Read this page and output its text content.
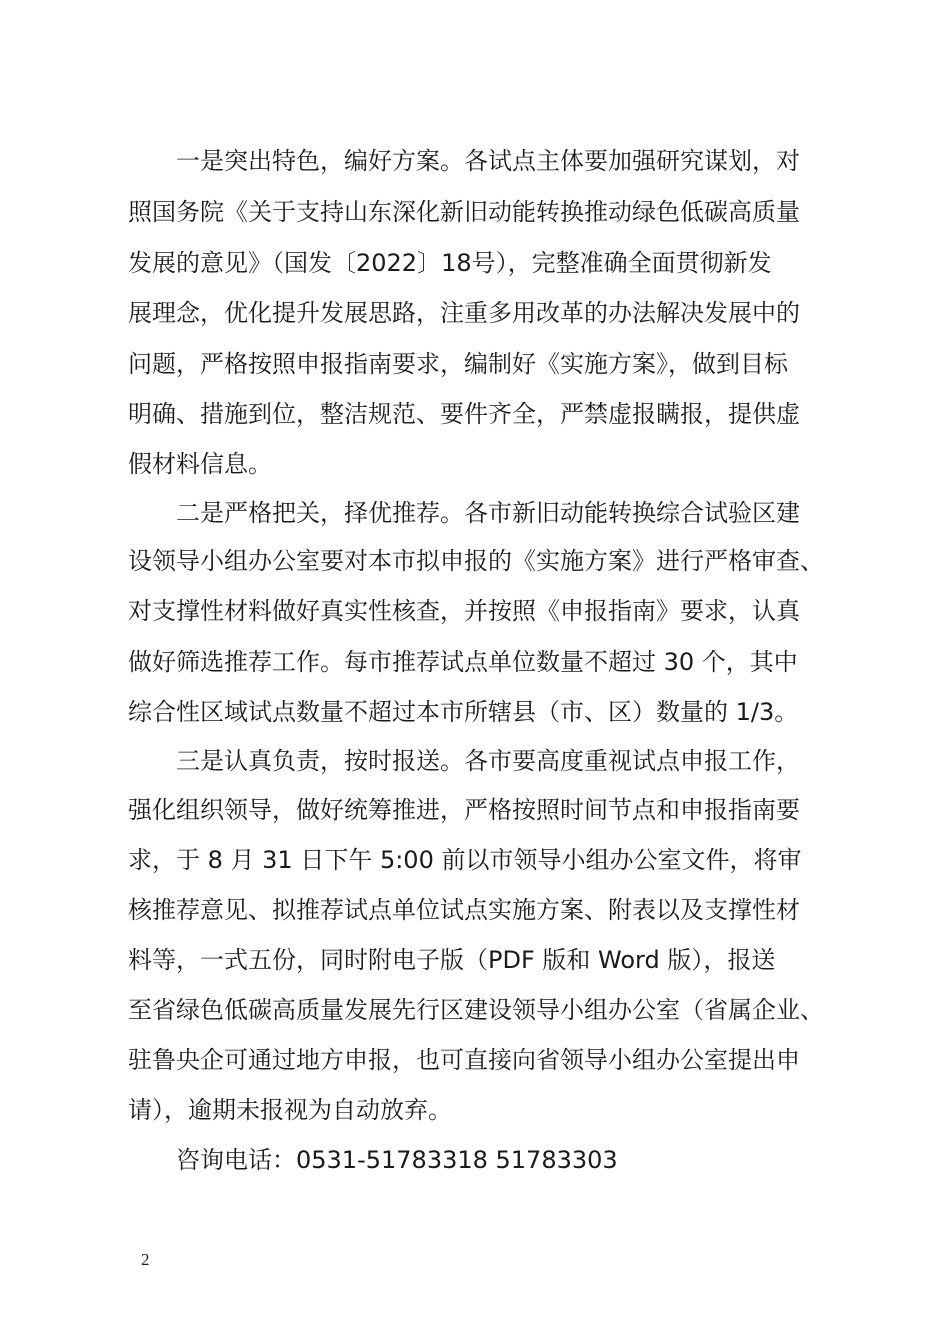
　　一是突出特色，编好方案。各试点主体要加强研究谋划，对

照国务院《关于支持山东深化新旧动能转换推动绿色低碳高质量

发展的意见》（国发〔2022〕18号），完整准确全面贯彻新发

展理念，优化提升发展思路，注重多用改革的办法解决发展中的

问题，严格按照申报指南要求，编制好《实施方案》，做到目标

明确、措施到位，整洁规范、要件齐全，严禁虚报瞒报，提供虚

假材料信息。

　　二是严格把关，择优推荐。各市新旧动能转换综合试验区建

设领导小组办公室要对本市拟申报的《实施方案》进行严格审查、

对支撑性材料做好真实性核查，并按照《申报指南》要求，认真

做好筛选推荐工作。每市推荐试点单位数量不超过 30 个，其中

综合性区域试点数量不超过本市所辖县（市、区）数量的 1/3。

　　三是认真负责，按时报送。各市要高度重视试点申报工作，

强化组织领导，做好统筹推进，严格按照时间节点和申报指南要

求，于 8 月 31 日下午 5:00 前以市领导小组办公室文件，将审

核推荐意见、拟推荐试点单位试点实施方案、附表以及支撑性材

料等，一式五份，同时附电子版（PDF 版和 Word 版），报送

至省绿色低碳高质量发展先行区建设领导小组办公室（省属企业、

驻鲁央企可通过地方申报，也可直接向省领导小组办公室提出申

请），逾期未报视为自动放弃。

　　咨询电话：0531-51783318 51783303

2
